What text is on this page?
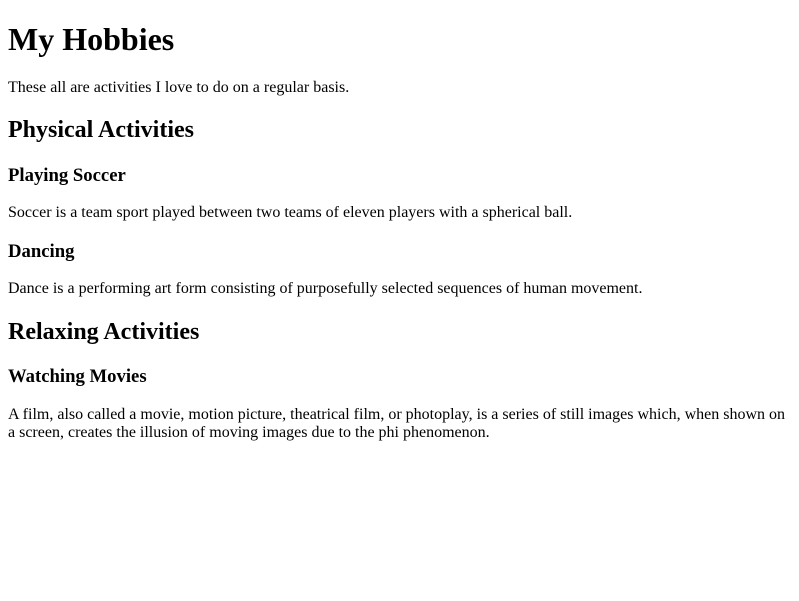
My Hobbies

These all are activities I love to do on a regular basis.

Physical Activities
Playing Soccer

Soccer is a team sport played between two teams of eleven players with a spherical ball.

Dancing

Dance is a performing art form consisting of purposefully selected sequences of human movement.

Relaxing Activities
Watching Movies

A film, also called a movie, motion picture, theatrical film, or photoplay, is a series of still images which, when shown on a screen, creates the illusion of moving images due to the phi phenomenon.
